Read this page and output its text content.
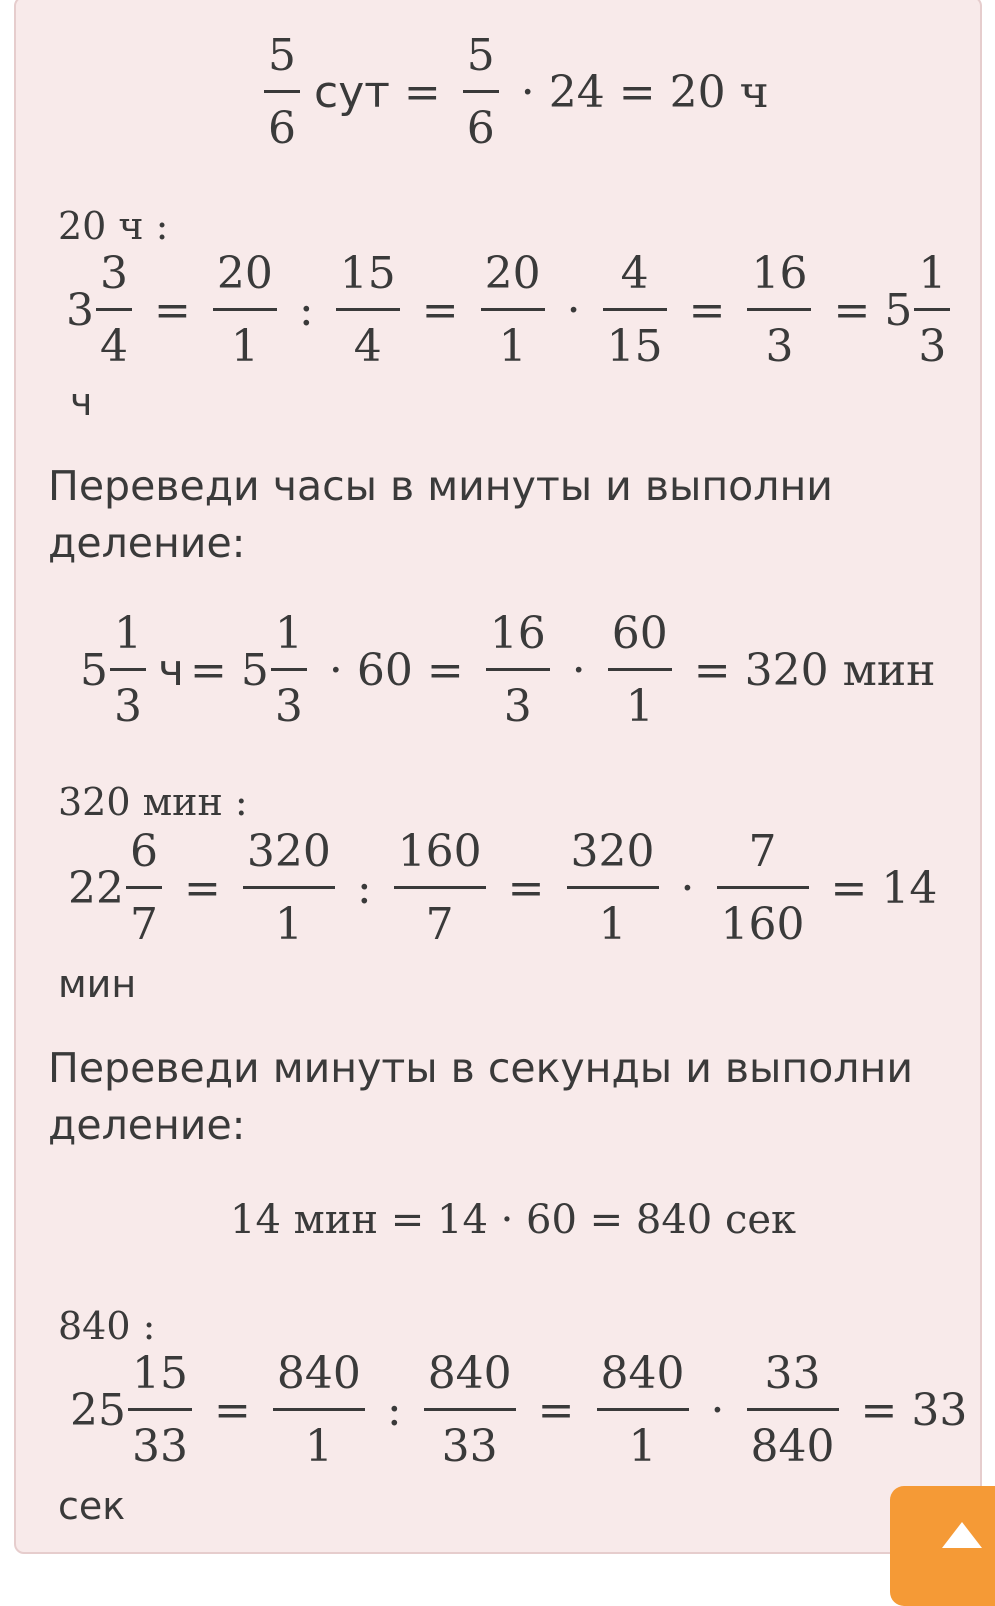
$\frac{5}{6}$ сут = $\frac{5}{6} \cdot 24 = 20$ ч
20 ч :
$3 \frac{3}{4} = \frac{20}{1}$ : $\frac{15}{4} = \frac{20}{1} \cdot \frac{4}{15} = \frac{16}{3} = 5 \frac{1}{3}$
ч
Переведи часы в минуты и выполни деление:
$5 \frac{1}{3}$ $ч = 5 \frac{1}{3} \cdot 60 = \frac{16}{3} \cdot \frac{60}{1} = 320$ мин
320 мин :
$22 \frac{6}{7} = \frac{320}{1}$ : $\frac{160}{7} = \frac{320}{1} \cdot \frac{7}{160} = 14$
мин
Переведи минуты в секунды и выполни деление:
14 мин = 14 · 60 = 840 сек
840 :
$25 \frac{15}{33} = \frac{840}{1}$ : $\frac{840}{33} = \frac{840}{1} \cdot \frac{33}{840} = 33$
сек
